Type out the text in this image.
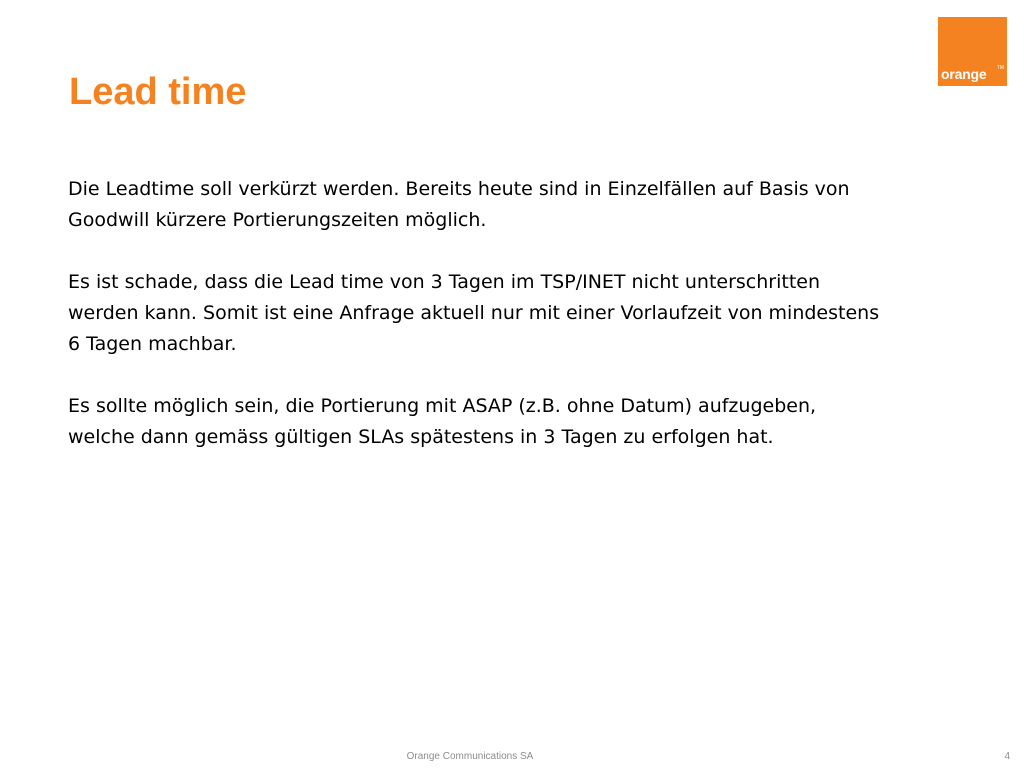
Lead time
TM
orange

Die Leadtime soll verkürzt werden. Bereits heute sind in Einzelfällen auf Basis von
Goodwill kürzere Portierungszeiten möglich.

Es ist schade, dass die Lead time von 3 Tagen im TSP/INET nicht unterschritten
werden kann. Somit ist eine Anfrage aktuell nur mit einer Vorlaufzeit von mindestens
6 Tagen machbar.

Es sollte möglich sein, die Portierung mit ASAP (z.B. ohne Datum) aufzugeben,
welche dann gemäss gültigen SLAs spätestens in 3 Tagen zu erfolgen hat.

Orange Communications SA	4
